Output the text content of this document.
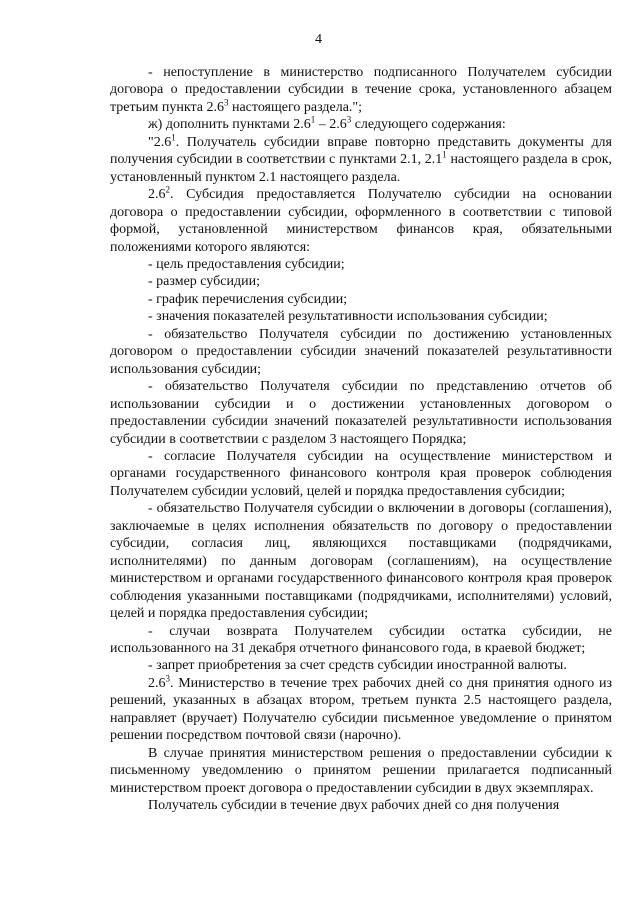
4

- непоступление в министерство подписанного Получателем субсидии договора о предоставлении субсидии в течение срока, установленного абзацем третьим пункта $2.6^3$ настоящего раздела.";

ж) дополнить пунктами $2.6^1 - 2.6^3$ следующего содержания:

"$2.6^1$. Получатель субсидии вправе повторно представить документы для получения субсидии в соответствии с пунктами 2.1, $2.1^1$ настоящего раздела в срок, установленный пунктом 2.1 настоящего раздела.

$2.6^2$. Субсидия предоставляется Получателю субсидии на основании договора о предоставлении субсидии, оформленного в соответствии с типовой формой, установленной министерством финансов края, обязательными положениями которого являются:

- цель предоставления субсидии;

- размер субсидии;

- график перечисления субсидии;

- значения показателей результативности использования субсидии;

- обязательство Получателя субсидии по достижению установленных договором о предоставлении субсидии значений показателей результативности использования субсидии;

- обязательство Получателя субсидии по представлению отчетов об использовании субсидии и о достижении установленных договором о предоставлении субсидии значений показателей результативности использования субсидии в соответствии с разделом 3 настоящего Порядка;

- согласие Получателя субсидии на осуществление министерством и органами государственного финансового контроля края проверок соблюдения Получателем субсидии условий, целей и порядка предоставления субсидии;

- обязательство Получателя субсидии о включении в договоры (соглашения), заключаемые в целях исполнения обязательств по договору о предоставлении субсидии, согласия лиц, являющихся поставщиками (подрядчиками, исполнителями) по данным договорам (соглашениям), на осуществление министерством и органами государственного финансового контроля края проверок соблюдения указанными поставщиками (подрядчиками, исполнителями) условий, целей и порядка предоставления субсидии;

- случаи возврата Получателем субсидии остатка субсидии, не использованного на 31 декабря отчетного финансового года, в краевой бюджет;

- запрет приобретения за счет средств субсидии иностранной валюты.

$2.6^3$. Министерство в течение трех рабочих дней со дня принятия одного из решений, указанных в абзацах втором, третьем пункта 2.5 настоящего раздела, направляет (вручает) Получателю субсидии письменное уведомление о принятом решении посредством почтовой связи (нарочно).

В случае принятия министерством решения о предоставлении субсидии к письменному уведомлению о принятом решении прилагается подписанный министерством проект договора о предоставлении субсидии в двух экземплярах.

Получатель субсидии в течение двух рабочих дней со дня получения
